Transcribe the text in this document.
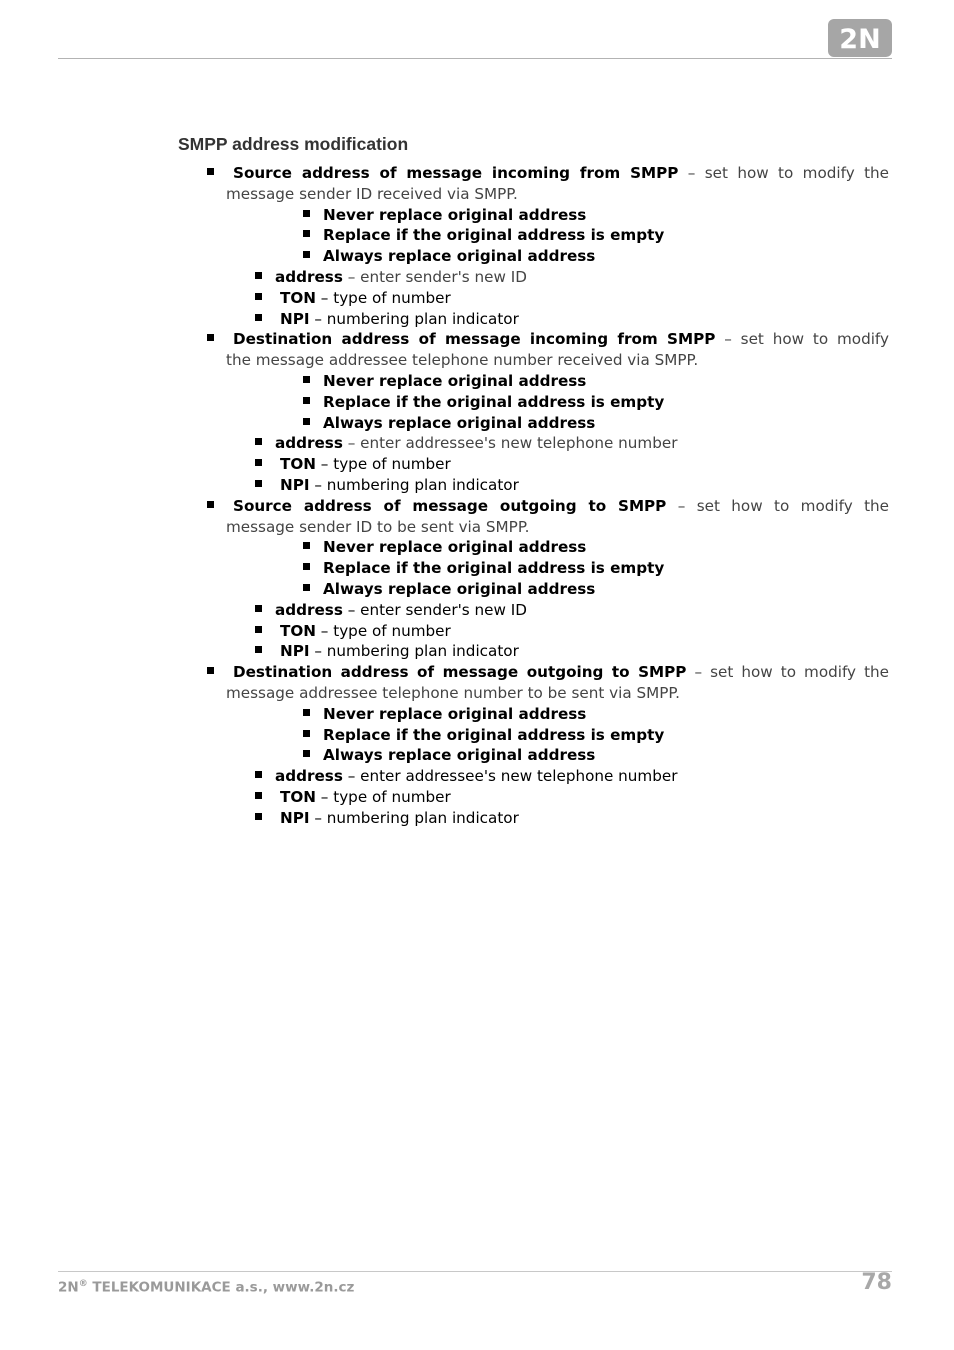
2N
SMPP address modification
Source address of message incoming from SMPP – set how to modify the
message sender ID received via SMPP.
Never replace original address
Replace if the original address is empty
Always replace original address
address – enter sender's new ID
TON – type of number
NPI – numbering plan indicator
Destination address of message incoming from SMPP – set how to modify
the message addressee telephone number received via SMPP.
Never replace original address
Replace if the original address is empty
Always replace original address
address – enter addressee's new telephone number
TON – type of number
NPI – numbering plan indicator
Source address of message outgoing to SMPP – set how to modify the
message sender ID to be sent via SMPP.
Never replace original address
Replace if the original address is empty
Always replace original address
address – enter sender's new ID
TON – type of number
NPI – numbering plan indicator
Destination address of message outgoing to SMPP – set how to modify the
message addressee telephone number to be sent via SMPP.
Never replace original address
Replace if the original address is empty
Always replace original address
address – enter addressee's new telephone number
TON – type of number
NPI – numbering plan indicator
2N® TELEKOMUNIKACE a.s., www.2n.cz	78
